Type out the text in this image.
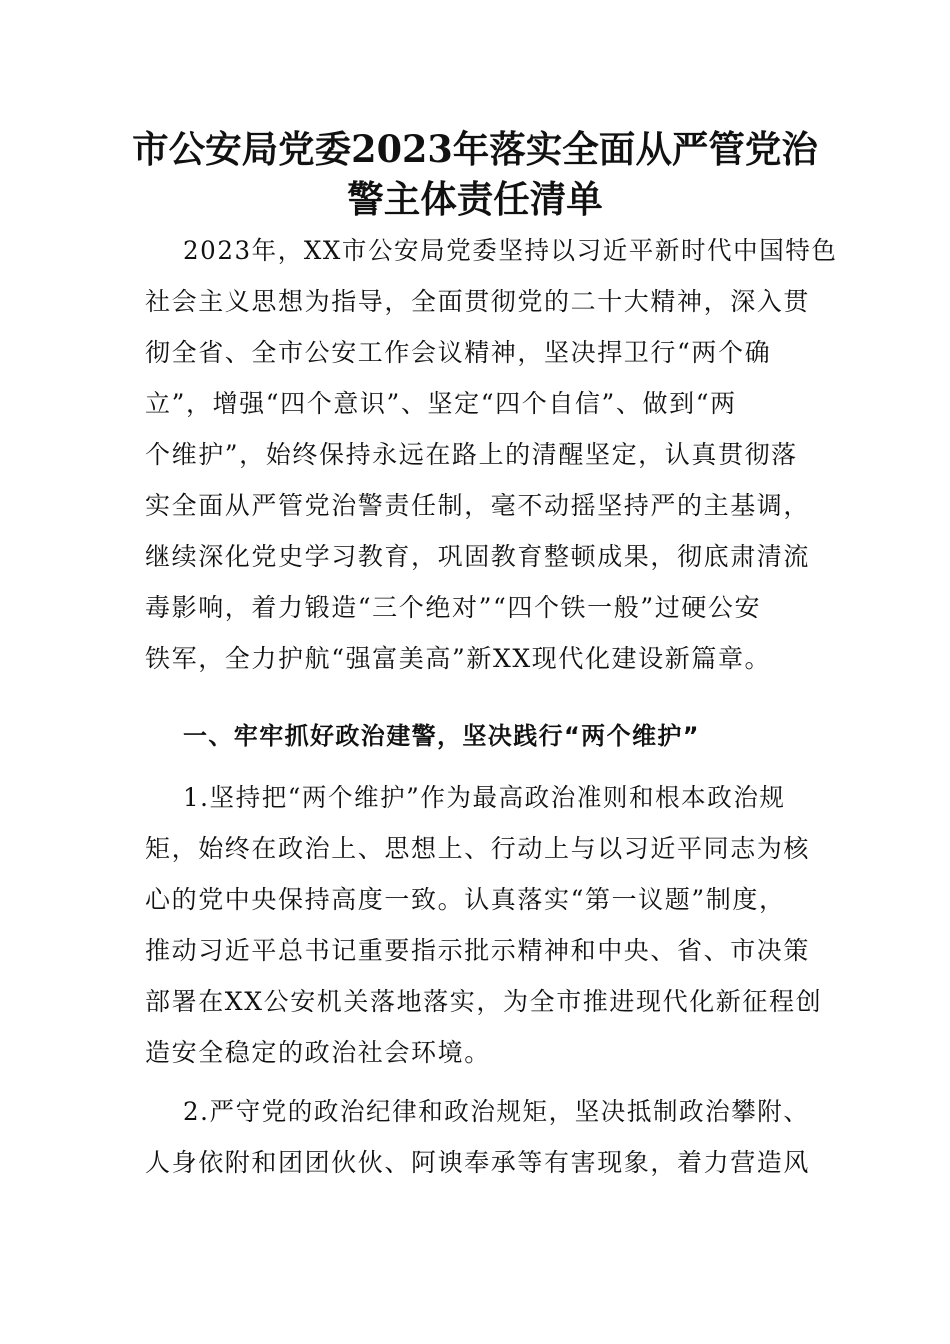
市公安局党委2023年落实全面从严管党治
警主体责任清单

2023年，XX市公安局党委坚持以习近平新时代中国特色

社会主义思想为指导，全面贯彻党的二十大精神，深入贯

彻全省、全市公安工作会议精神，坚决捍卫行“两个确

立”，增强“四个意识”、坚定“四个自信”、做到“两

个维护”，始终保持永远在路上的清醒坚定，认真贯彻落

实全面从严管党治警责任制，毫不动摇坚持严的主基调，

继续深化党史学习教育，巩固教育整顿成果，彻底肃清流

毒影响，着力锻造“三个绝对”“四个铁一般”过硬公安

铁军，全力护航“强富美高”新XX现代化建设新篇章。

一、牢牢抓好政治建警，坚决践行“两个维护”

1.坚持把“两个维护”作为最高政治准则和根本政治规

矩，始终在政治上、思想上、行动上与以习近平同志为核

心的党中央保持高度一致。认真落实“第一议题”制度，

推动习近平总书记重要指示批示精神和中央、省、市决策

部署在XX公安机关落地落实，为全市推进现代化新征程创

造安全稳定的政治社会环境。

2.严守党的政治纪律和政治规矩，坚决抵制政治攀附、

人身依附和团团伙伙、阿谀奉承等有害现象，着力营造风
